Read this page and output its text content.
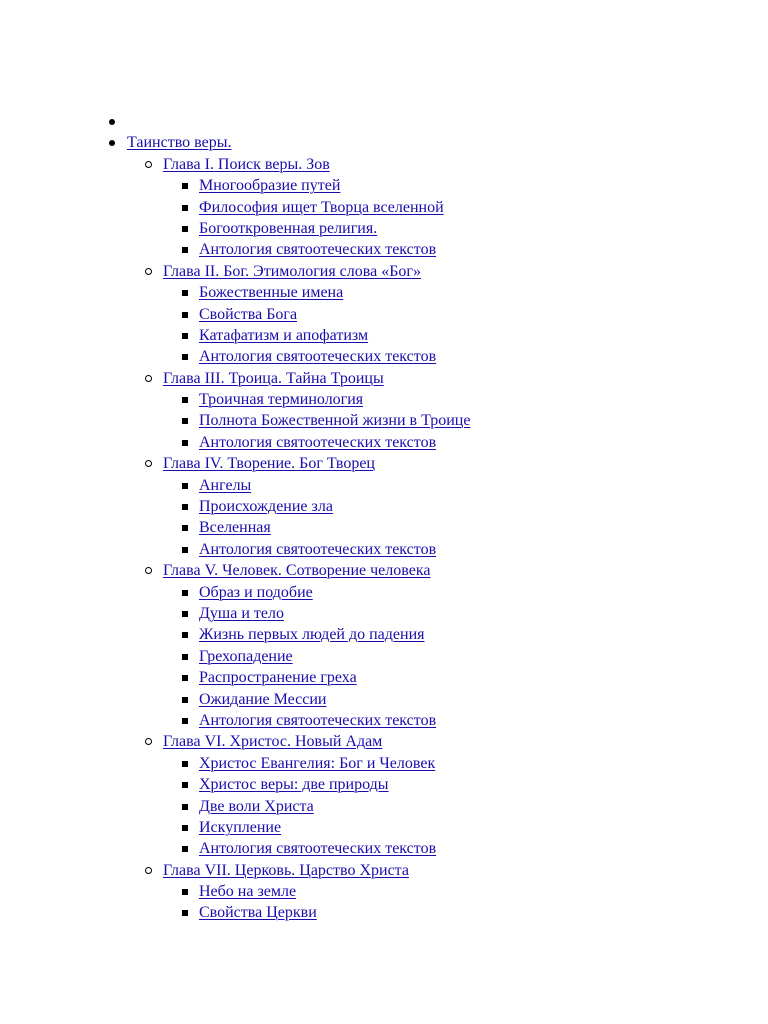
Таинство веры.
Глава I. Поиск веры. Зов
Многообразие путей
Философия ищет Творца вселенной
Богооткровенная религия.
Антология святоотеческих текстов
Глава II. Бог. Этимология слова «Бог»
Божественные имена
Свойства Бога
Катафатизм и апофатизм
Антология святоотеческих текстов
Глава III. Троица. Тайна Троицы
Троичная терминология
Полнота Божественной жизни в Троице
Антология святоотеческих текстов
Глава IV. Творение. Бог Творец
Ангелы
Происхождение зла
Вселенная
Антология святоотеческих текстов
Глава V. Человек. Сотворение человека
Образ и подобие
Душа и тело
Жизнь первых людей до падения
Грехопадение
Распространение греха
Ожидание Мессии
Антология святоотеческих текстов
Глава VI. Христос. Новый Адам
Христос Евангелия: Бог и Человек
Христос веры: две природы
Две воли Христа
Искупление
Антология святоотеческих текстов
Глава VII. Церковь. Царство Христа
Небо на земле
Свойства Церкви
